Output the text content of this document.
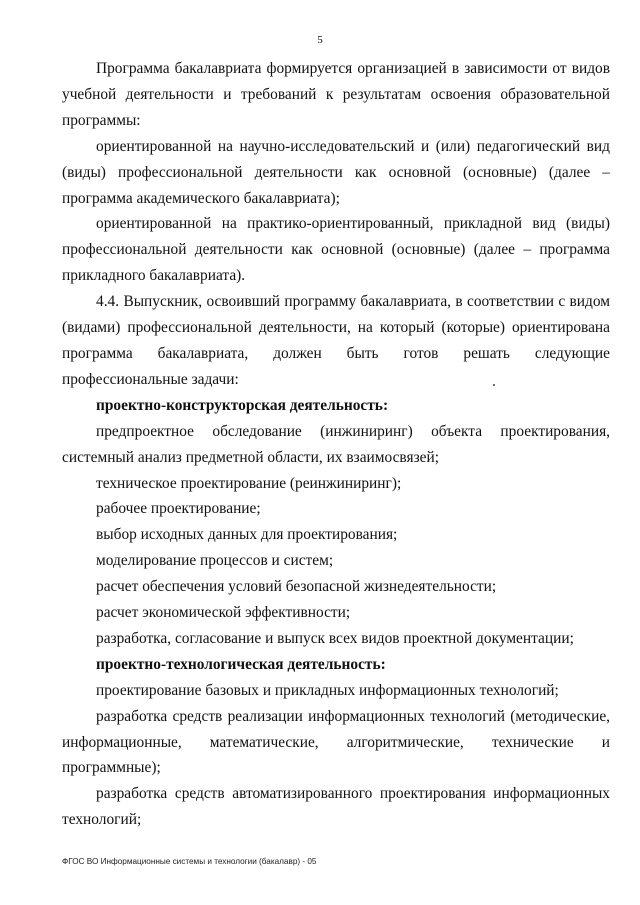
5

Программа бакалавриата формируется организацией в зависимости от видов учебной деятельности и требований к результатам освоения образовательной программы:

ориентированной на научно-исследовательский и (или) педагогический вид (виды) профессиональной деятельности как основной (основные) (далее – программа академического бакалавриата);

ориентированной на практико-ориентированный, прикладной вид (виды) профессиональной деятельности как основной (основные) (далее – программа прикладного бакалавриата).

4.4. Выпускник, освоивший программу бакалавриата, в соответствии с видом (видами) профессиональной деятельности, на который (которые) ориентирована программа бакалавриата, должен быть готов решать следующие профессиональные задачи:

проектно-конструкторская деятельность:

предпроектное обследование (инжиниринг) объекта проектирования, системный анализ предметной области, их взаимосвязей;

техническое проектирование (реинжиниринг);

рабочее проектирование;

выбор исходных данных для проектирования;

моделирование процессов и систем;

расчет обеспечения условий безопасной жизнедеятельности;

расчет экономической эффективности;

разработка, согласование и выпуск всех видов проектной документации;

проектно-технологическая деятельность:

проектирование базовых и прикладных информационных технологий;

разработка средств реализации информационных технологий (методические, информационные, математические, алгоритмические, технические и программные);

разработка средств автоматизированного проектирования информационных технологий;

ФГОС ВО Информационные системы и технологии (бакалавр) - 05
